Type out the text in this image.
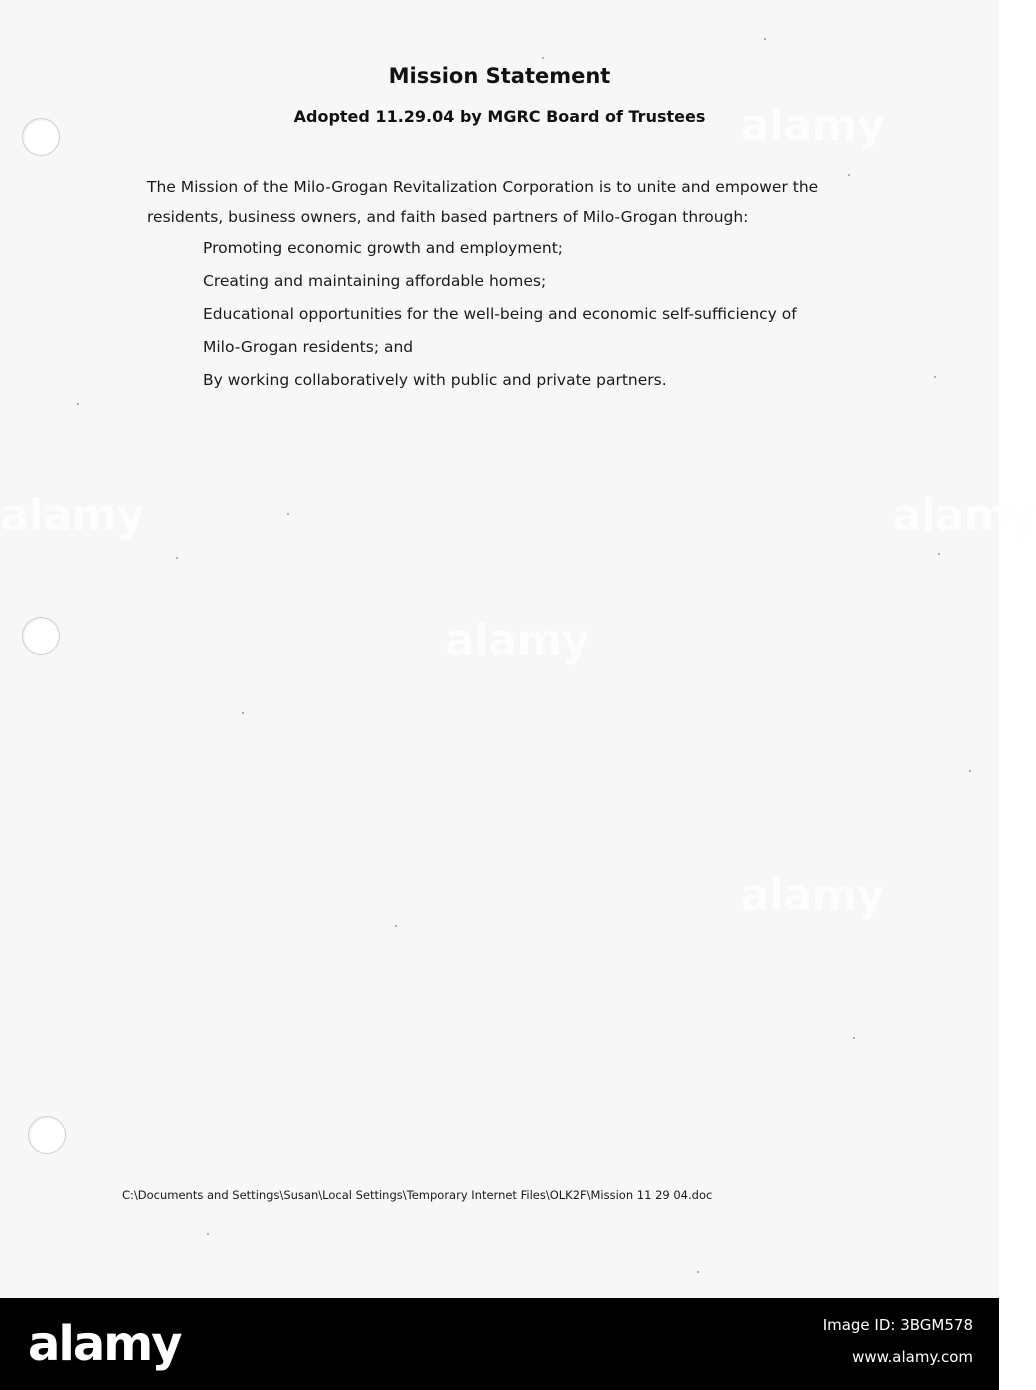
alamy
alamy
alamy
alamy
alamy
Mission Statement
Adopted 11.29.04 by MGRC Board of Trustees

The Mission of the Milo-Grogan Revitalization Corporation is to unite and empower the

residents, business owners, and faith based partners of Milo-Grogan through:

Promoting economic growth and employment;
Creating and maintaining affordable homes;
Educational opportunities for the well-being and economic self-sufficiency of
Milo-Grogan residents; and
By working collaboratively with public and private partners.
C:\Documents and Settings\Susan\Local Settings\Temporary Internet Files\OLK2F\Mission 11 29 04.doc
alamy	Image ID: 3BGM578
www.alamy.com
